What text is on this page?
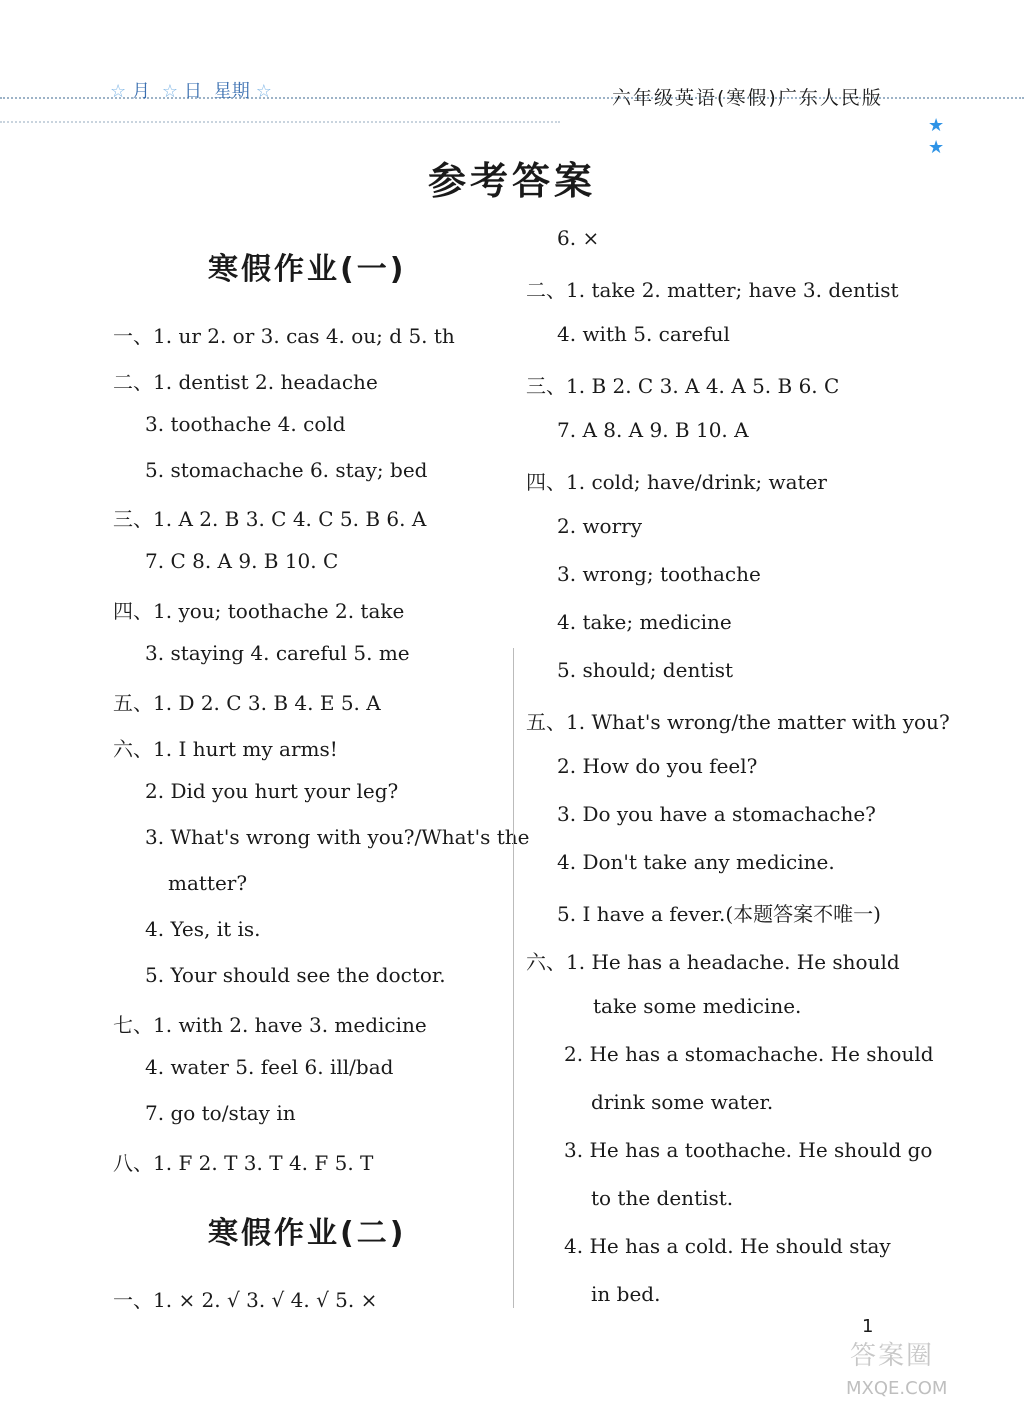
☆ 月 ☆ 日 星期 ☆	六年级英语(寒假)广东人民版
★
★
参考答案
寒假作业(一)
一、1. ur 2. or 3. cas 4. ou; d 5. th
二、1. dentist 2. headache
3. toothache 4. cold
5. stomachache 6. stay; bed
三、1. A 2. B 3. C 4. C 5. B 6. A
7. C 8. A 9. B 10. C
四、1. you; toothache 2. take
3. staying 4. careful 5. me
五、1. D 2. C 3. B 4. E 5. A
六、1. I hurt my arms!
2. Did you hurt your leg?
3. What's wrong with you?/What's the
matter?
4. Yes, it is.
5. Your should see the doctor.
七、1. with 2. have 3. medicine
4. water 5. feel 6. ill/bad
7. go to/stay in
八、1. F 2. T 3. T 4. F 5. T
寒假作业(二)
一、1. × 2. √ 3. √ 4. √ 5. ×
6. ×
二、1. take 2. matter; have 3. dentist
4. with 5. careful
三、1. B 2. C 3. A 4. A 5. B 6. C
7. A 8. A 9. B 10. A
四、1. cold; have/drink; water
2. worry
3. wrong; toothache
4. take; medicine
5. should; dentist
五、1. What's wrong/the matter with you?
2. How do you feel?
3. Do you have a stomachache?
4. Don't take any medicine.
5. I have a fever.(本题答案不唯一)
六、1. He has a headache. He should
take some medicine.
2. He has a stomachache. He should
drink some water.
3. He has a toothache. He should go
to the dentist.
4. He has a cold. He should stay
in bed.
1
答案圈
MXQE.COM
